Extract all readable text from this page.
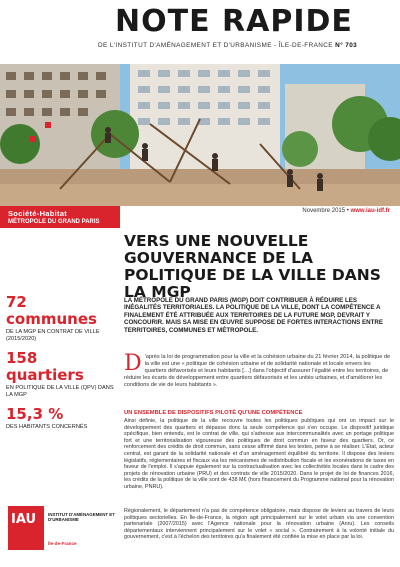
NOTE RAPIDE
DE L'INSTITUT D'AMÉNAGEMENT ET D'URBANISME - ÎLE-DE-FRANCE N° 703
Société-Habitat
MÉTROPOLE DU GRAND PARIS
Novembre 2015 • www.iau-idf.fr
VERS UNE NOUVELLE GOUVERNANCE DE LA POLITIQUE DE LA VILLE DANS LA MGP
72 communes
DE LA MGP EN CONTRAT DE VILLE (2015/2020)
158 quartiers
EN POLITIQUE DE LA VILLE (QPV) DANS LA MGP
15,3 %
DES HABITANTS CONCERNÉS

LA MÉTROPOLE DU GRAND PARIS (MGP) DOIT CONTRIBUER À RÉDUIRE LES INÉGALITÉS TERRITORIALES. LA POLITIQUE DE LA VILLE, DONT LA COMPÉTENCE A FINALEMENT ÉTÉ ATTRIBUÉE AUX TERRITOIRES DE LA FUTURE MGP, DEVRAIT Y CONCOURIR. MAIS SA MISE EN ŒUVRE SUPPOSE DE FORTES INTERACTIONS ENTRE TERRITOIRES, COMMUNES ET MÉTROPOLE.

D 'après la loi de programmation pour la ville et la cohésion urbaine du 21 février 2014, la politique de la ville est une « politique de cohésion urbaine et de solidarité nationale et locale envers les quartiers défavorisés et leurs habitants […] dans l'objectif d'assurer l'égalité entre les territoires, de réduire les écarts de développement entre quartiers défavorisés et les unités urbaines, et d'améliorer les conditions de vie de leurs habitants ».

UN ENSEMBLE DE DISPOSITIFS PILOTÉ QU'UNE COMPÉTENCE

Ainsi définie, la politique de la ville recouvre toutes les politiques publiques qui ont un impact sur le développement des quartiers et dépasse donc la seule compétence qui s'en occupe. Le dispositif juridique spécifique, bien entendu, est le contrat de ville, qui s'adresse aux intercommunalités avec un portage politique fort et une territorialisation vigoureuse des politiques de droit commun en faveur des quartiers. Or, ce renforcement des crédits de droit commun, sans cesse affirmé dans les textes, peine à se réaliser. L'État, acteur central, est garant de la solidarité nationale et d'un aménagement équilibré du territoire. Il dispose des leviers législatifs, réglementaires et fiscaux via les mécanismes de redistribution fiscale et les exonérations de taxes en faveur de l'emploi. Il s'appuie également sur la contractualisation avec les collectivités locales dans le cadre des projets de rénovation urbaine (PRU) et des contrats de ville 2015/2020. Dans le projet de loi de finances 2016, les crédits de la politique de la ville sont de 438 M€ (hors financement du Programme national pour la rénovation urbaine, PNRU).

Régionalement, le département n'a pas de compétence obligatoire, mais dispose de leviers au travers de leurs politiques sectorielles. En Île-de-France, la région agit principalement sur le volet urbain via une convention partenariale (2007/2015) avec l'Agence nationale pour la rénovation urbaine (Anru). Les conseils départementaux interviennent principalement sur le volet « social ». Contrairement à la volonté initiale du gouvernement, c'est à l'échelon des territoires qu'a finalement été confiée la mise en place par la loi.

IAU	INSTITUT D'AMÉNAGEMENT ET D'URBANISME
île-de-France
